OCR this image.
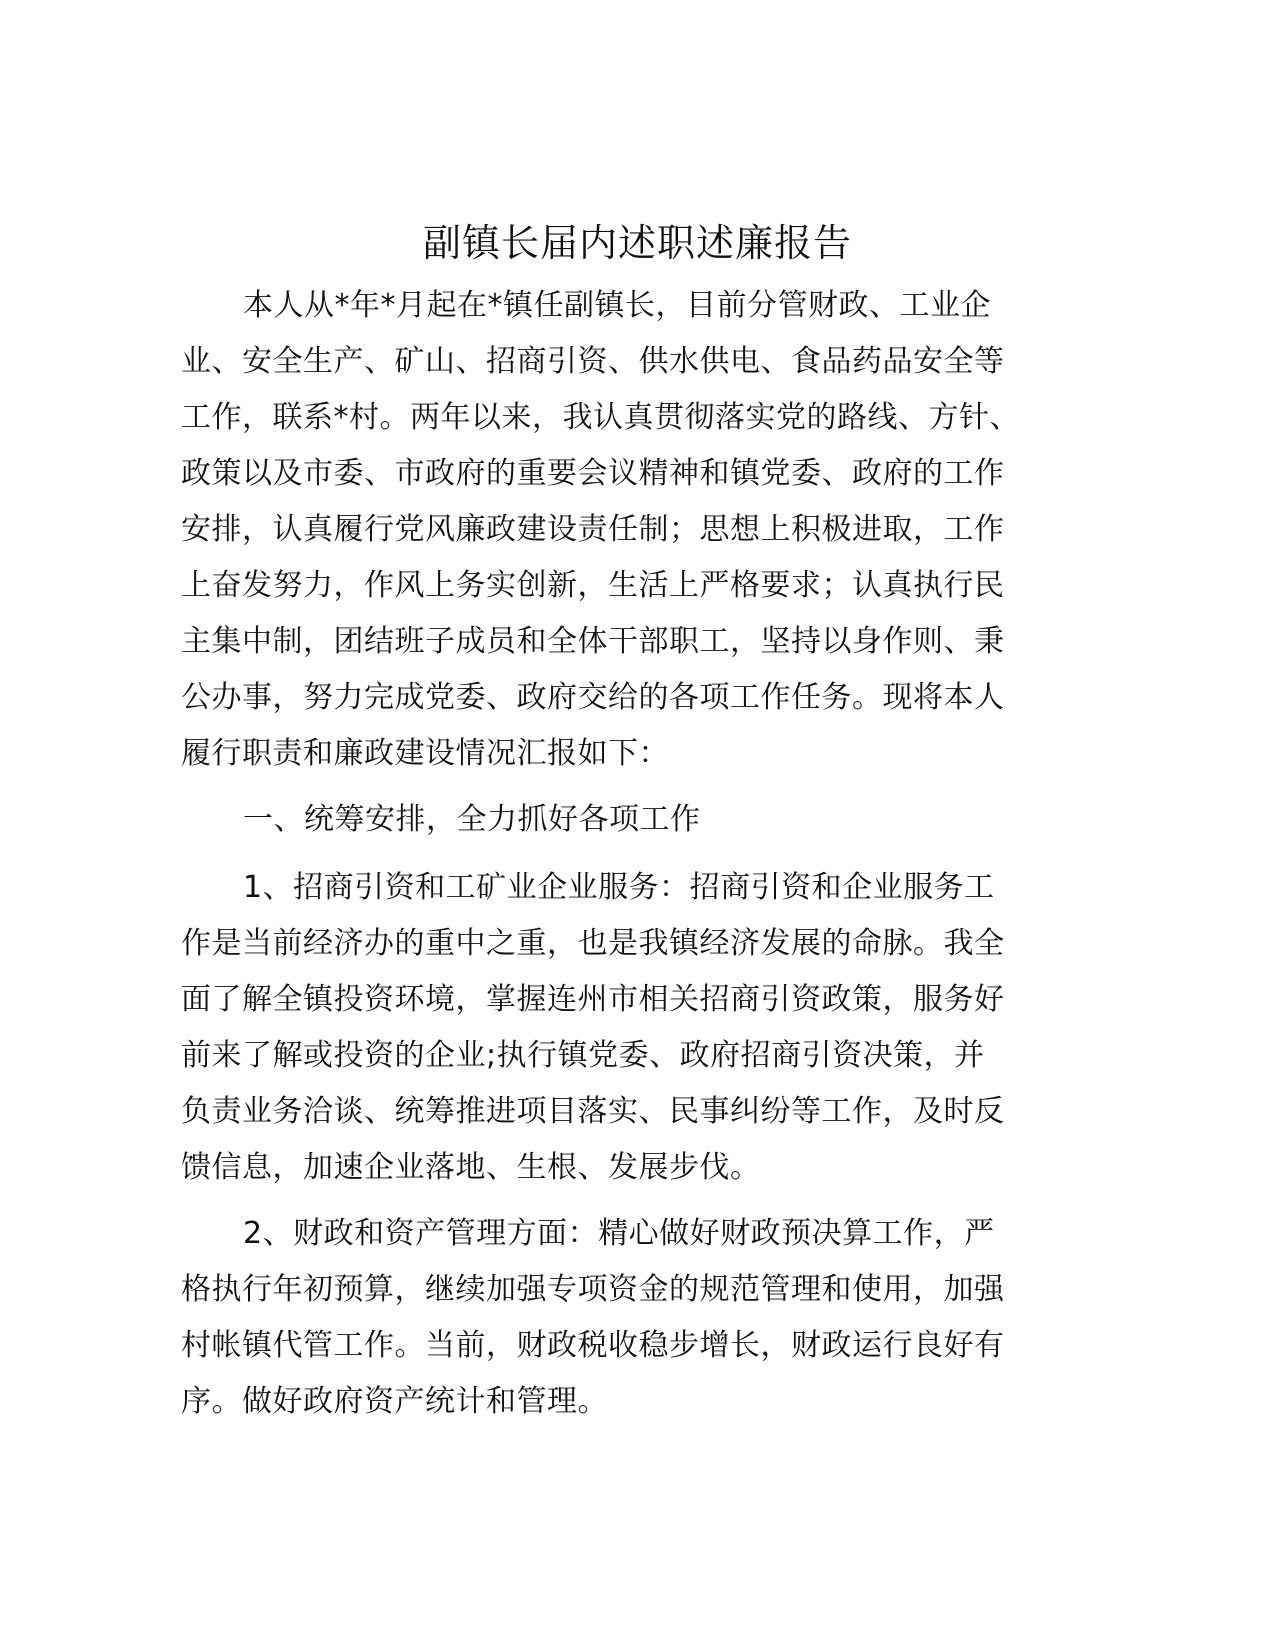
副镇长届内述职述廉报告
本人从*年*月起在*镇任副镇长，目前分管财政、工业企
业、安全生产、矿山、招商引资、供水供电、食品药品安全等
工作，联系*村。两年以来，我认真贯彻落实党的路线、方针、
政策以及市委、市政府的重要会议精神和镇党委、政府的工作
安排，认真履行党风廉政建设责任制；思想上积极进取，工作
上奋发努力，作风上务实创新，生活上严格要求；认真执行民
主集中制，团结班子成员和全体干部职工，坚持以身作则、秉
公办事，努力完成党委、政府交给的各项工作任务。现将本人
履行职责和廉政建设情况汇报如下：
一、统筹安排，全力抓好各项工作
1、招商引资和工矿业企业服务：招商引资和企业服务工
作是当前经济办的重中之重，也是我镇经济发展的命脉。我全
面了解全镇投资环境，掌握连州市相关招商引资政策，服务好
前来了解或投资的企业;执行镇党委、政府招商引资决策，并
负责业务洽谈、统筹推进项目落实、民事纠纷等工作，及时反
馈信息，加速企业落地、生根、发展步伐。
2、财政和资产管理方面：精心做好财政预决算工作，严
格执行年初预算，继续加强专项资金的规范管理和使用，加强
村帐镇代管工作。当前，财政税收稳步增长，财政运行良好有
序。做好政府资产统计和管理。
